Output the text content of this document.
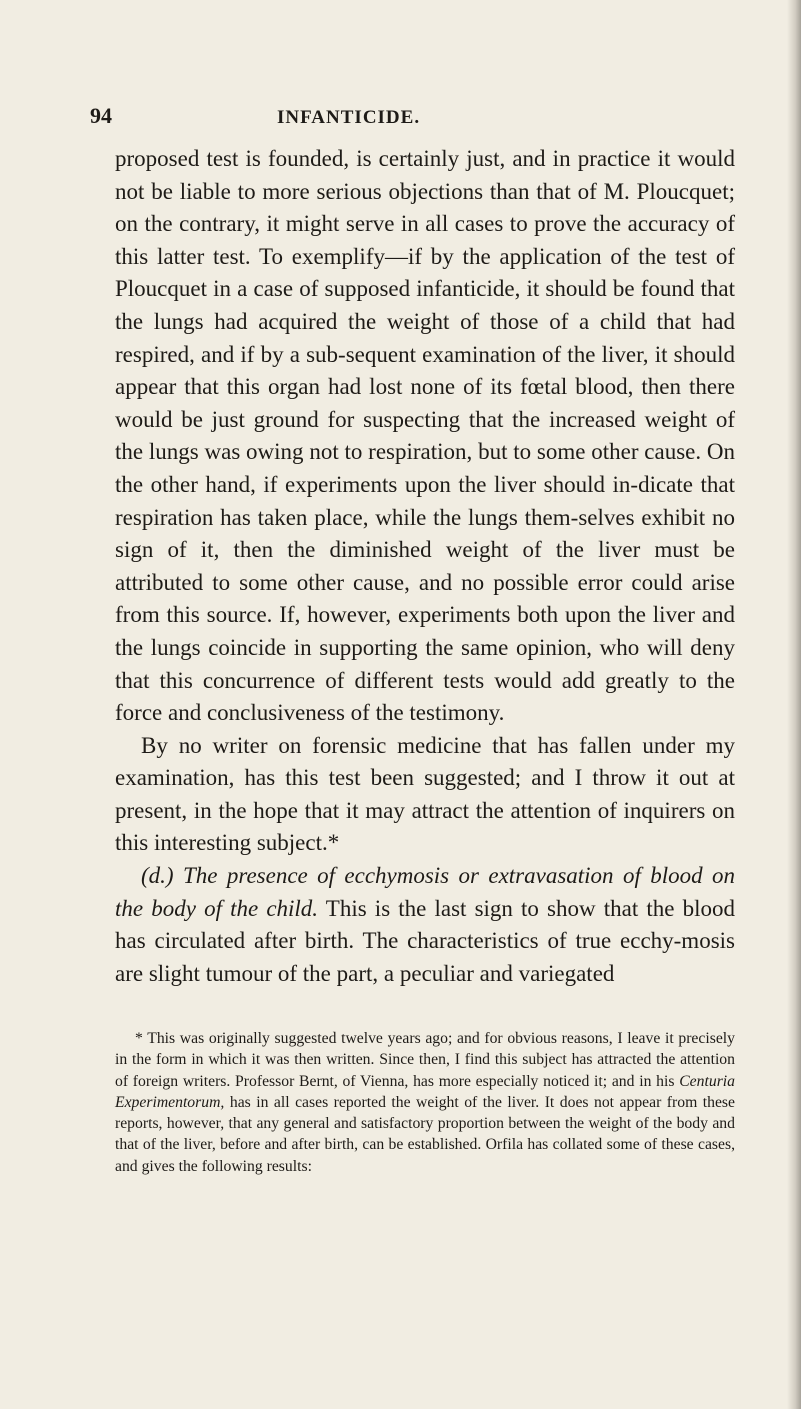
94	INFANTICIDE.

proposed test is founded, is certainly just, and in practice it would not be liable to more serious objections than that of M. Ploucquet; on the contrary, it might serve in all cases to prove the accuracy of this latter test. To exemplify—if by the application of the test of Ploucquet in a case of supposed infanticide, it should be found that the lungs had acquired the weight of those of a child that had respired, and if by a sub-sequent examination of the liver, it should appear that this organ had lost none of its fœtal blood, then there would be just ground for suspecting that the increased weight of the lungs was owing not to respiration, but to some other cause. On the other hand, if experiments upon the liver should in-dicate that respiration has taken place, while the lungs them-selves exhibit no sign of it, then the diminished weight of the liver must be attributed to some other cause, and no possible error could arise from this source. If, however, experiments both upon the liver and the lungs coincide in supporting the same opinion, who will deny that this concurrence of different tests would add greatly to the force and conclusiveness of the testimony.

By no writer on forensic medicine that has fallen under my examination, has this test been suggested; and I throw it out at present, in the hope that it may attract the attention of inquirers on this interesting subject.*

(d.) The presence of ecchymosis or extravasation of blood on the body of the child. This is the last sign to show that the blood has circulated after birth. The characteristics of true ecchy-mosis are slight tumour of the part, a peculiar and variegated

* This was originally suggested twelve years ago; and for obvious reasons, I leave it precisely in the form in which it was then written. Since then, I find this subject has attracted the attention of foreign writers. Professor Bernt, of Vienna, has more especially noticed it; and in his Centuria Experimentorum, has in all cases reported the weight of the liver. It does not appear from these reports, however, that any general and satisfactory proportion between the weight of the body and that of the liver, before and after birth, can be established. Orfila has collated some of these cases, and gives the following results:
